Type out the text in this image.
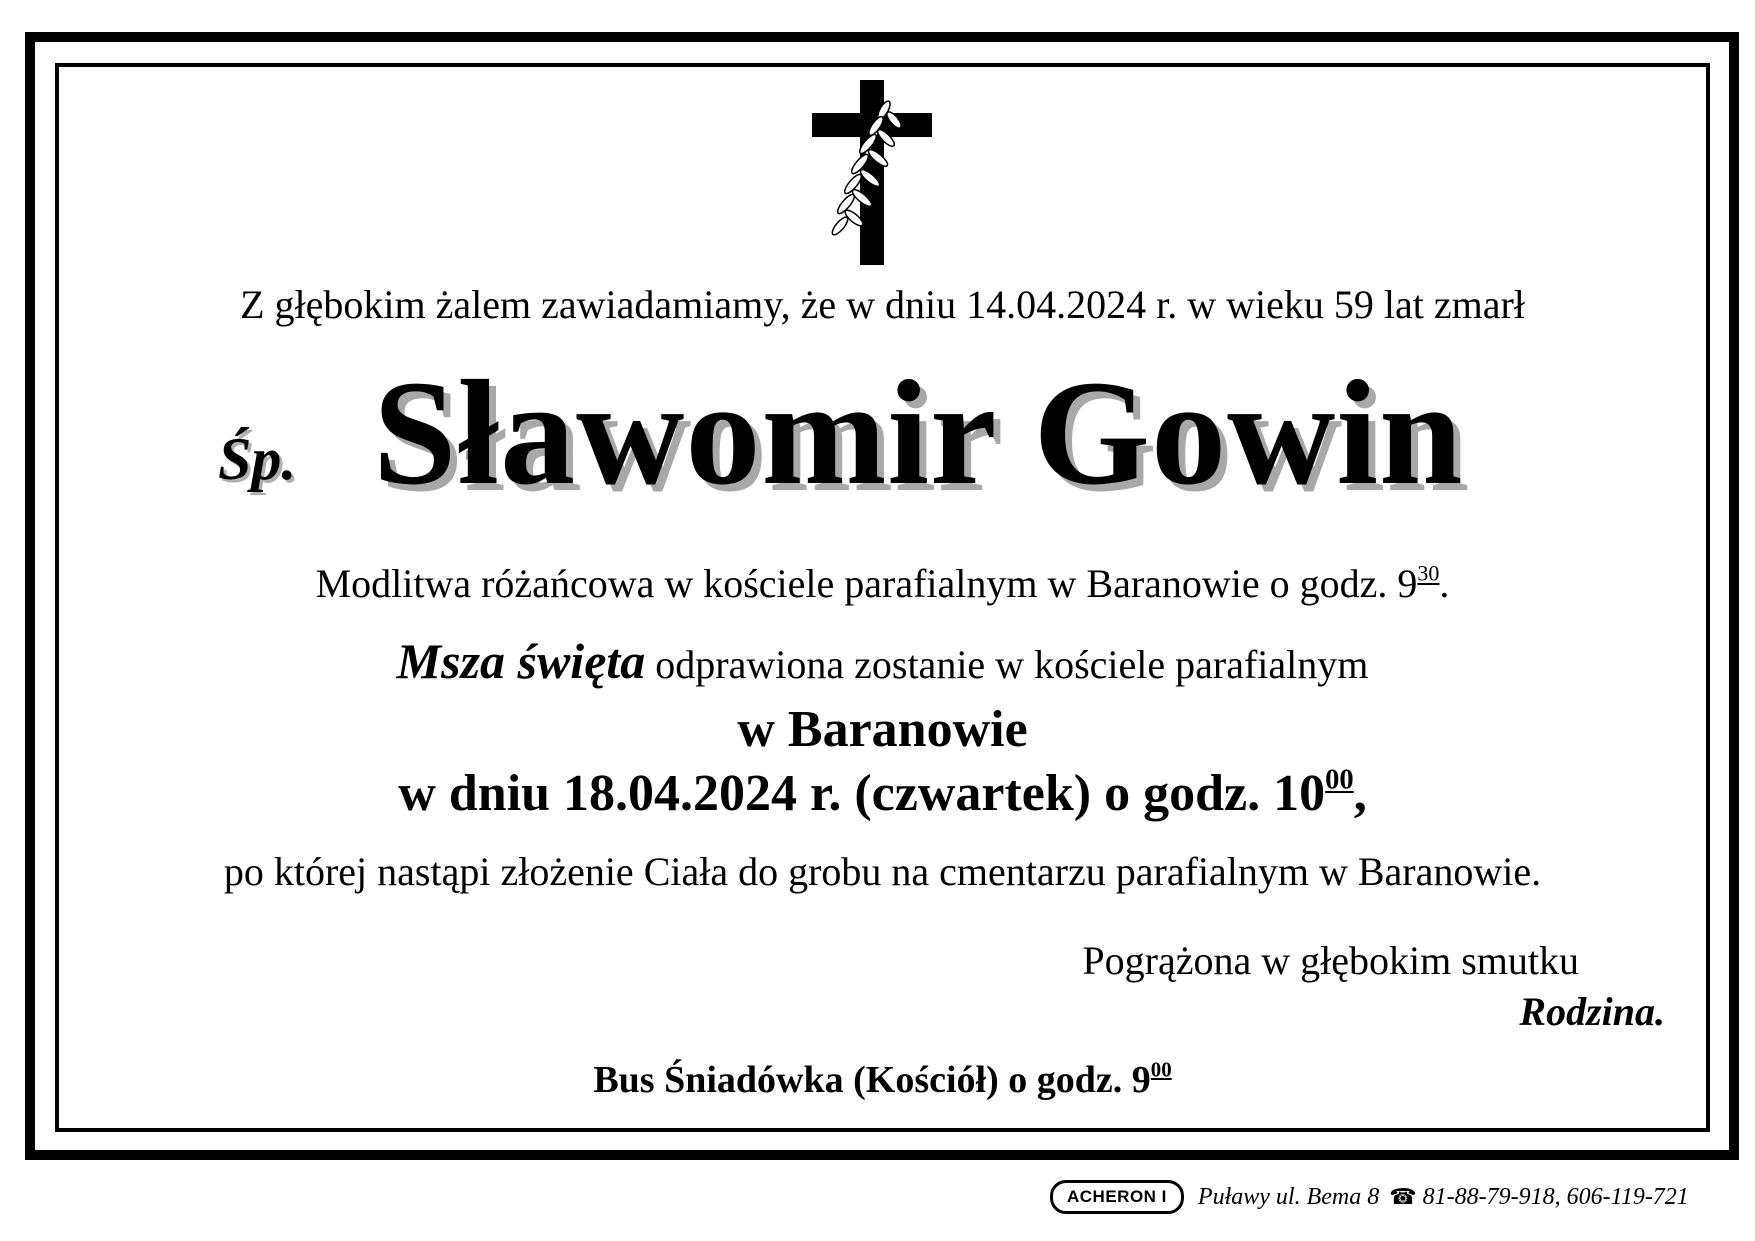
Z głębokim żalem zawiadamiamy, że w dniu 14.04.2024 r. w wieku 59 lat zmarł
Śp. Sławomir Gowin
Modlitwa różańcowa w kościele parafialnym w Baranowie o godz. $9^{30}$.
Msza święta odprawiona zostanie w kościele parafialnym
w Baranowie
w dniu 18.04.2024 r. (czwartek) o godz. $10^{00}$,
po której nastąpi złożenie Ciała do grobu na cmentarzu parafialnym w Baranowie.
Pogrążona w głębokim smutku
Rodzina.
Bus Śniadówka (Kościół) o godz. $9^{00}$
ACHERON I	Puławy ul. Bema 8 ☎ 81-88-79-918, 606-119-721
